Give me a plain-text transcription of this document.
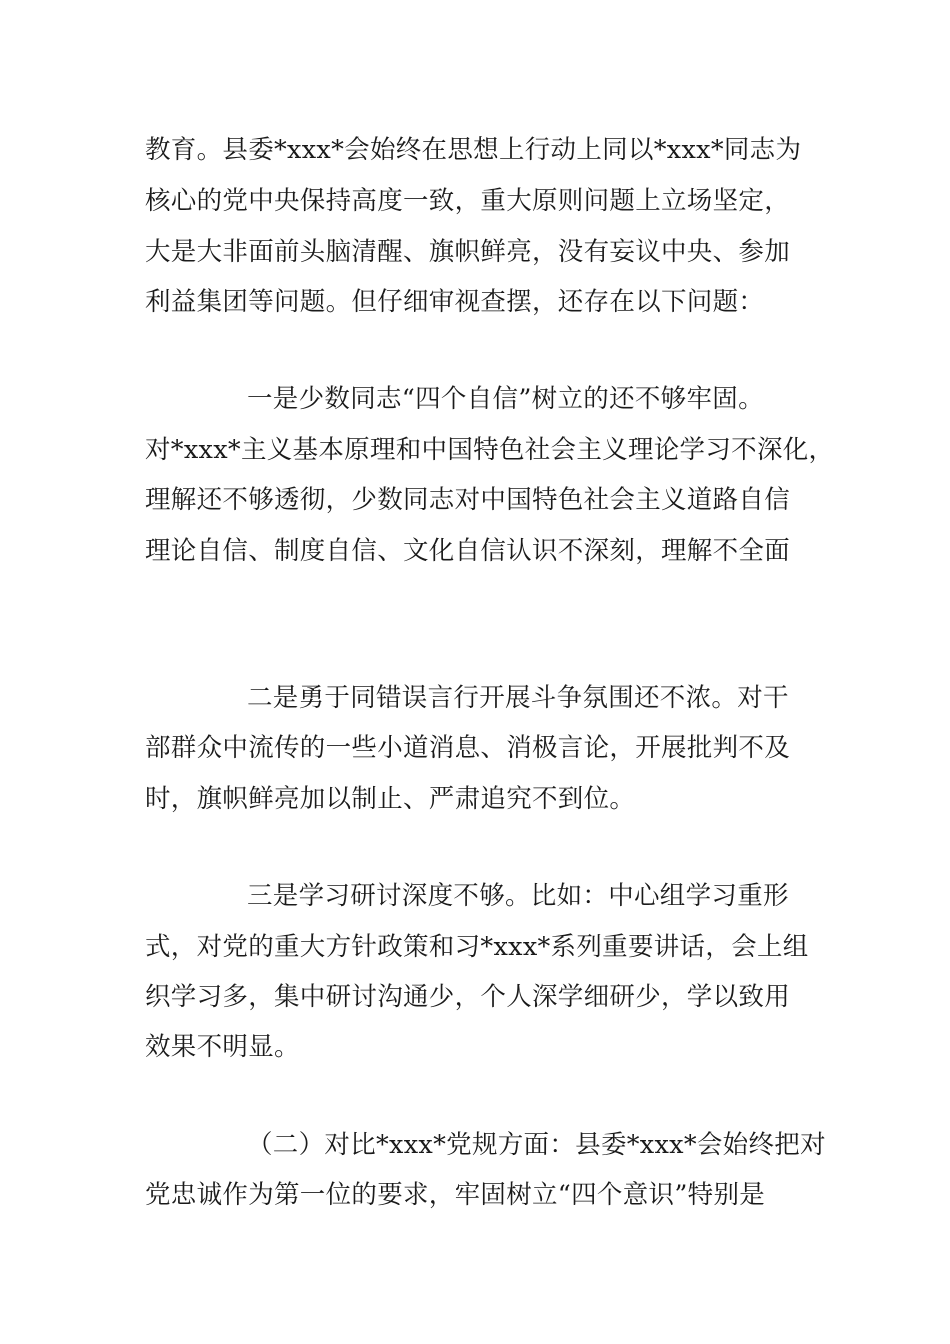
教育。县委*xxx*会始终在思想上行动上同以*xxx*同志为
核心的党中央保持高度一致，重大原则问题上立场坚定，
大是大非面前头脑清醒、旗帜鲜亮，没有妄议中央、参加
利益集团等问题。但仔细审视查摆，还存在以下问题：
一是少数同志“四个自信”树立的还不够牢固。
对*xxx*主义基本原理和中国特色社会主义理论学习不深化，
理解还不够透彻，少数同志对中国特色社会主义道路自信
理论自信、制度自信、文化自信认识不深刻，理解不全面
二是勇于同错误言行开展斗争氛围还不浓。对干
部群众中流传的一些小道消息、消极言论，开展批判不及
时，旗帜鲜亮加以制止、严肃追究不到位。
三是学习研讨深度不够。比如：中心组学习重形
式，对党的重大方针政策和习*xxx*系列重要讲话，会上组
织学习多，集中研讨沟通少，个人深学细研少，学以致用
效果不明显。
（二）对比*xxx*党规方面：县委*xxx*会始终把对
党忠诚作为第一位的要求，牢固树立“四个意识”特别是
